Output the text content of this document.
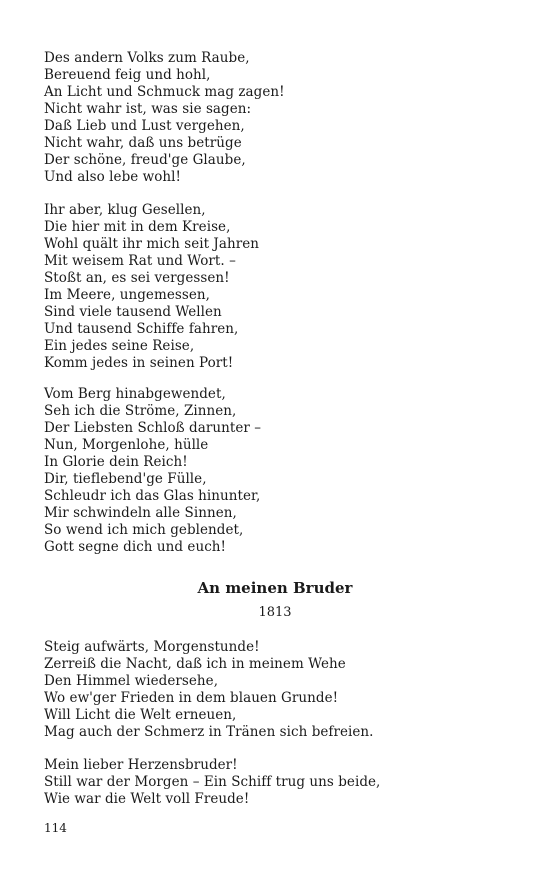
Des andern Volks zum Raube,
Bereuend feig und hohl,
An Licht und Schmuck mag zagen!
Nicht wahr ist, was sie sagen:
Daß Lieb und Lust vergehen,
Nicht wahr, daß uns betrüge
Der schöne, freud'ge Glaube,
Und also lebe wohl!
Ihr aber, klug Gesellen,
Die hier mit in dem Kreise,
Wohl quält ihr mich seit Jahren
Mit weisem Rat und Wort. –
Stoßt an, es sei vergessen!
Im Meere, ungemessen,
Sind viele tausend Wellen
Und tausend Schiffe fahren,
Ein jedes seine Reise,
Komm jedes in seinen Port!
Vom Berg hinabgewendet,
Seh ich die Ströme, Zinnen,
Der Liebsten Schloß darunter –
Nun, Morgenlohe, hülle
In Glorie dein Reich!
Dir, tieflebend'ge Fülle,
Schleudr ich das Glas hinunter,
Mir schwindeln alle Sinnen,
So wend ich mich geblendet,
Gott segne dich und euch!
An meinen Bruder
1813
Steig aufwärts, Morgenstunde!
Zerreiß die Nacht, daß ich in meinem Wehe
Den Himmel wiedersehe,
Wo ew'ger Frieden in dem blauen Grunde!
Will Licht die Welt erneuen,
Mag auch der Schmerz in Tränen sich befreien.
Mein lieber Herzensbruder!
Still war der Morgen – Ein Schiff trug uns beide,
Wie war die Welt voll Freude!
114
